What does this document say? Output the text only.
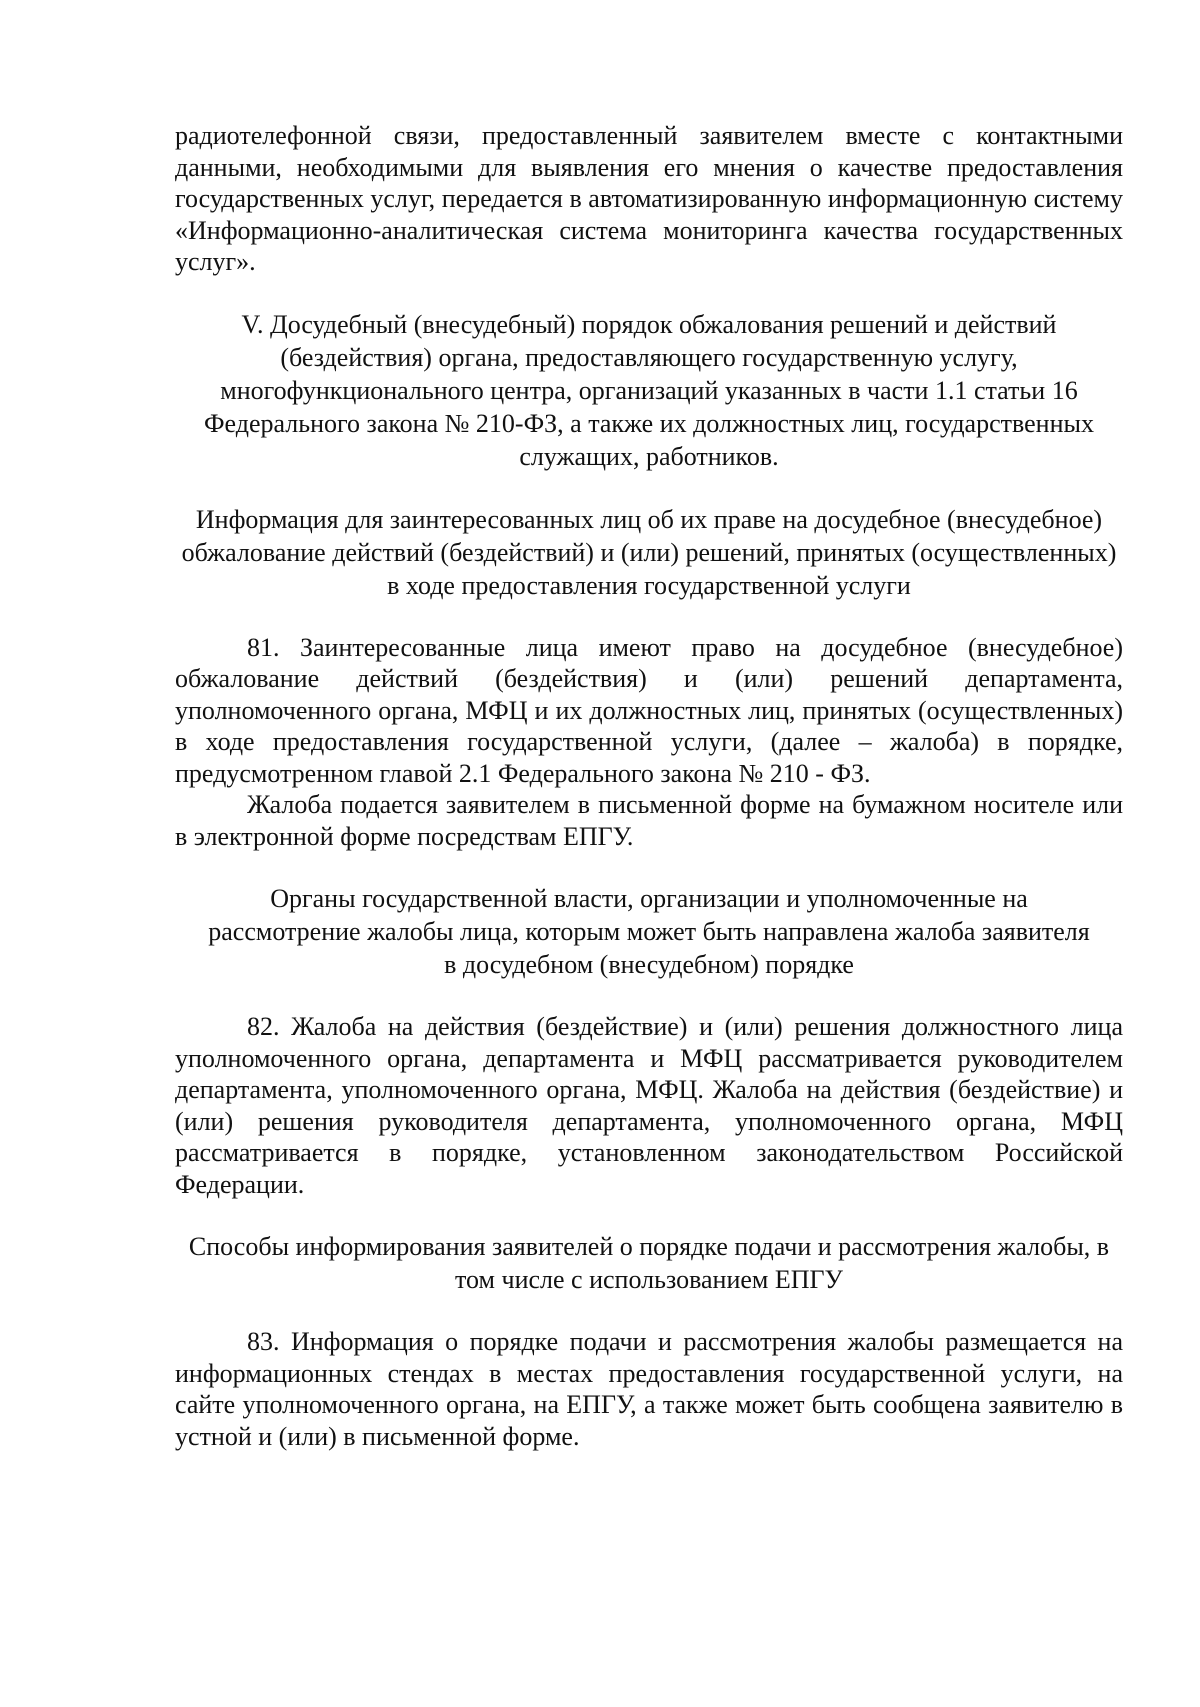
радиотелефонной связи, предоставленный заявителем вместе с контактными данными, необходимыми для выявления его мнения о качестве предоставления государственных услуг, передается в автоматизированную информационную систему «Информационно-аналитическая система мониторинга качества государственных услуг».

V. Досудебный (внесудебный) порядок обжалования решений и действий (бездействия) органа, предоставляющего государственную услугу, многофункционального центра, организаций указанных в части 1.1 статьи 16 Федерального закона № 210-ФЗ, а также их должностных лиц, государственных служащих, работников.

Информация для заинтересованных лиц об их праве на досудебное (внесудебное) обжалование действий (бездействий) и (или) решений, принятых (осуществленных) в ходе предоставления государственной услуги

81. Заинтересованные лица имеют право на досудебное (внесудебное) обжалование действий (бездействия) и (или) решений департамента, уполномоченного органа, МФЦ и их должностных лиц, принятых (осуществленных) в ходе предоставления государственной услуги, (далее – жалоба) в порядке, предусмотренном главой 2.1 Федерального закона № 210 - ФЗ.

Жалоба подается заявителем в письменной форме на бумажном носителе или в электронной форме посредствам ЕПГУ.

Органы государственной власти, организации и уполномоченные на рассмотрение жалобы лица, которым может быть направлена жалоба заявителя в досудебном (внесудебном) порядке

82. Жалоба на действия (бездействие) и (или) решения должностного лица уполномоченного органа, департамента и МФЦ рассматривается руководителем департамента, уполномоченного органа, МФЦ. Жалоба на действия (бездействие) и (или) решения руководителя департамента, уполномоченного органа, МФЦ рассматривается в порядке, установленном законодательством Российской Федерации.

Способы информирования заявителей о порядке подачи и рассмотрения жалобы, в том числе с использованием ЕПГУ

83. Информация о порядке подачи и рассмотрения жалобы размещается на информационных стендах в местах предоставления государственной услуги, на сайте уполномоченного органа, на ЕПГУ, а также может быть сообщена заявителю в устной и (или) в письменной форме.
